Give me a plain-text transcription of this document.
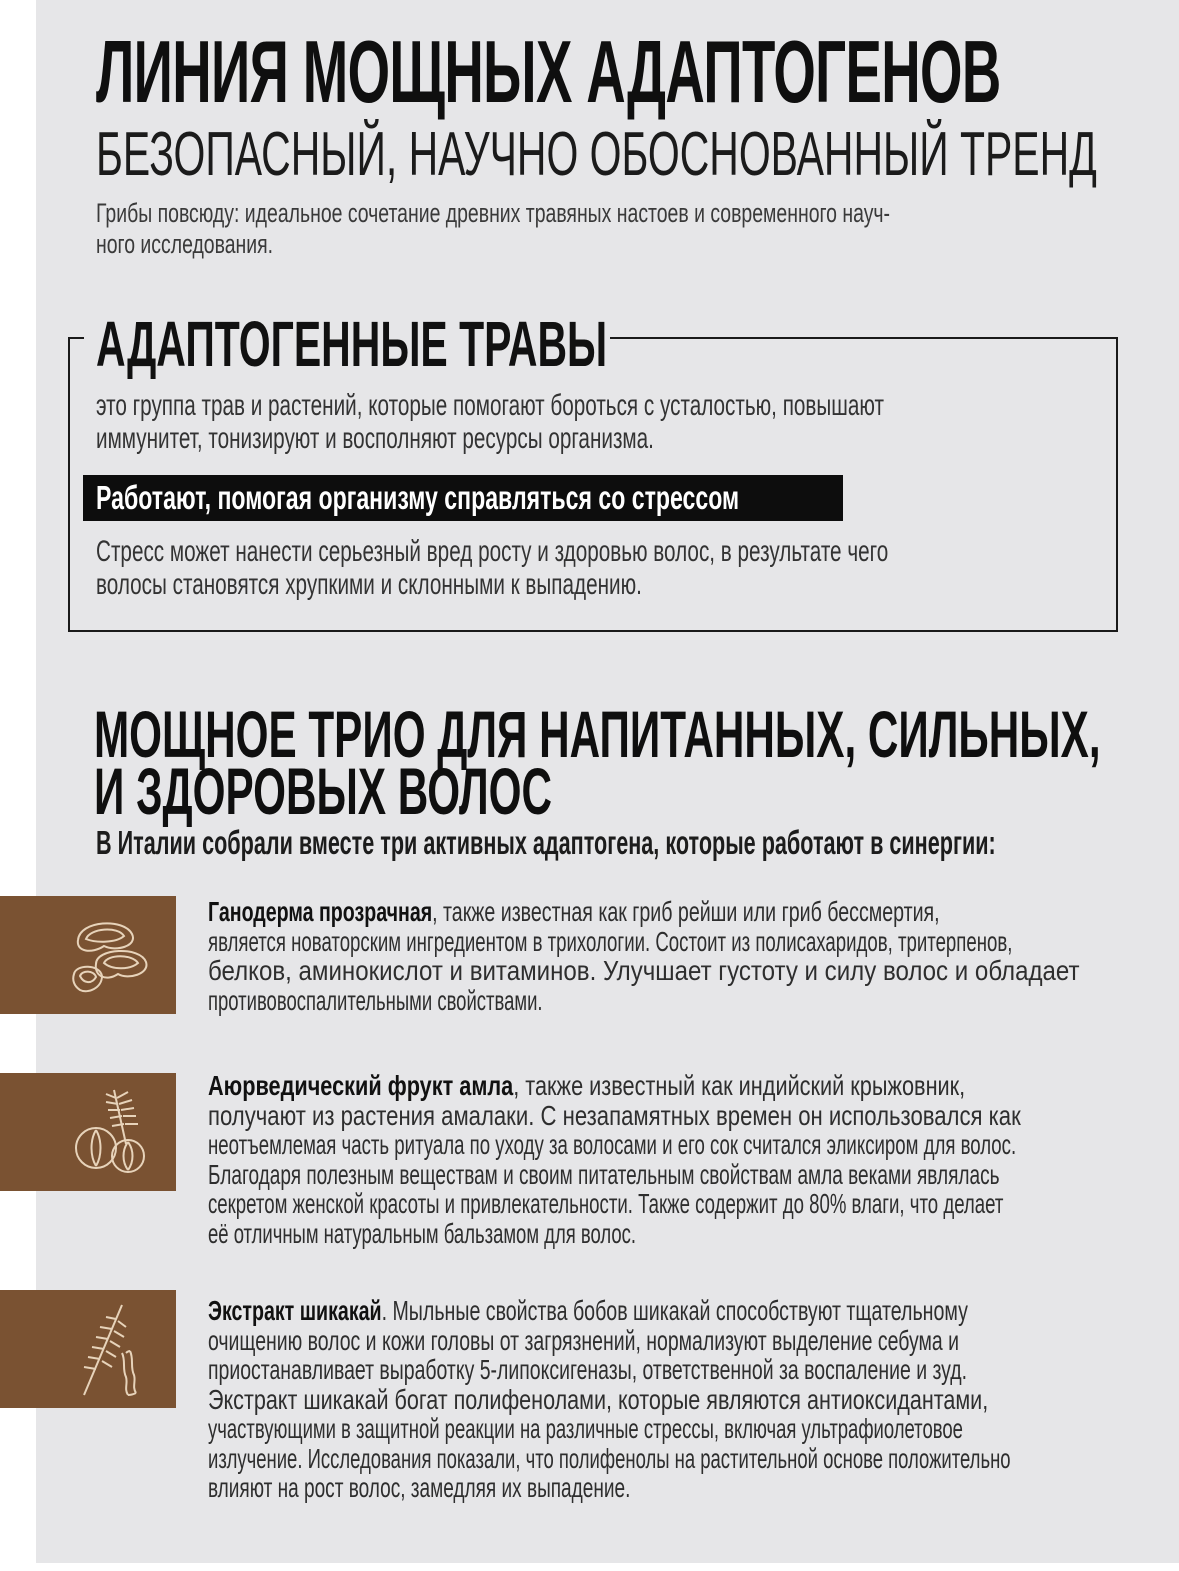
ЛИНИЯ МОЩНЫХ АДАПТОГЕНОВ
БЕЗОПАСНЫЙ, НАУЧНО ОБОСНОВАННЫЙ ТРЕНД
Грибы повсюду: идеальное сочетание древних травяных настоев и современного науч-
ного исследования.
АДАПТОГЕННЫЕ ТРАВЫ
это группа трав и растений, которые помогают бороться с усталостью, повышают
иммунитет, тонизируют и восполняют ресурсы организма.
Работают, помогая организму справляться со стрессом
Стресс может нанести серьезный вред росту и здоровью волос, в результате чего
волосы становятся хрупкими и склонными к выпадению.
МОЩНОЕ ТРИО ДЛЯ НАПИТАННЫХ, СИЛЬНЫХ,
И ЗДОРОВЫХ ВОЛОС
В Италии собрали вместе три активных адаптогена, которые работают в синергии:
Ганодерма прозрачная, также известная как гриб рейши или гриб бессмертия,
является новаторским ингредиентом в трихологии. Состоит из полисахаридов, тритерпенов,
белков, аминокислот и витаминов. Улучшает густоту и силу волос и обладает
противовоспалительными свойствами.
Аюрведический фрукт амла, также известный как индийский крыжовник,
получают из растения амалаки. С незапамятных времен он использовался как
неотъемлемая часть ритуала по уходу за волосами и его сок считался эликсиром для волос.
Благодаря полезным веществам и своим питательным свойствам амла веками являлась
секретом женской красоты и привлекательности. Также содержит до 80% влаги, что делает
её отличным натуральным бальзамом для волос.
Экстракт шикакай. Мыльные свойства бобов шикакай способствуют тщательному
очищению волос и кожи головы от загрязнений, нормализуют выделение себума и
приостанавливает выработку 5-липоксигеназы, ответственной за воспаление и зуд.
Экстракт шикакай богат полифенолами, которые являются антиоксидантами,
участвующими в защитной реакции на различные стрессы, включая ультрафиолетовое
излучение. Исследования показали, что полифенолы на растительной основе положительно
влияют на рост волос, замедляя их выпадение.
